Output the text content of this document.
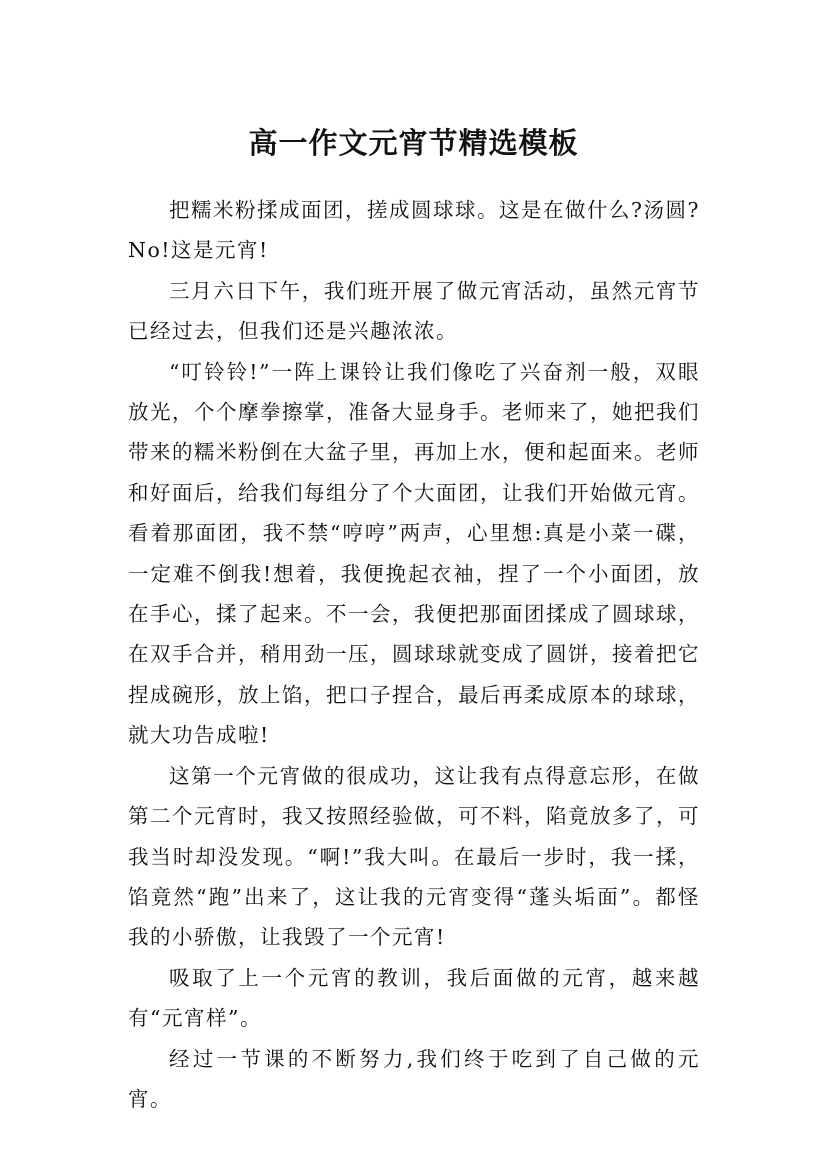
高一作文元宵节精选模板

把糯米粉揉成面团，搓成圆球球。这是在做什么?汤圆?No!这是元宵!

三月六日下午，我们班开展了做元宵活动，虽然元宵节已经过去，但我们还是兴趣浓浓。

“叮铃铃!”一阵上课铃让我们像吃了兴奋剂一般，双眼放光，个个摩拳擦掌，准备大显身手。老师来了，她把我们带来的糯米粉倒在大盆子里，再加上水，便和起面来。老师和好面后，给我们每组分了个大面团，让我们开始做元宵。看着那面团，我不禁“哼哼”两声，心里想:真是小菜一碟，一定难不倒我!想着，我便挽起衣袖，捏了一个小面团，放在手心，揉了起来。不一会，我便把那面团揉成了圆球球，在双手合并，稍用劲一压，圆球球就变成了圆饼，接着把它捏成碗形，放上馅，把口子捏合，最后再柔成原本的球球，就大功告成啦!

这第一个元宵做的很成功，这让我有点得意忘形，在做第二个元宵时，我又按照经验做，可不料，陷竟放多了，可我当时却没发现。“啊!”我大叫。在最后一步时，我一揉，馅竟然“跑”出来了，这让我的元宵变得“蓬头垢面”。都怪我的小骄傲，让我毁了一个元宵!

吸取了上一个元宵的教训，我后面做的元宵，越来越有“元宵样”。

经过一节课的不断努力,我们终于吃到了自己做的元宵。
